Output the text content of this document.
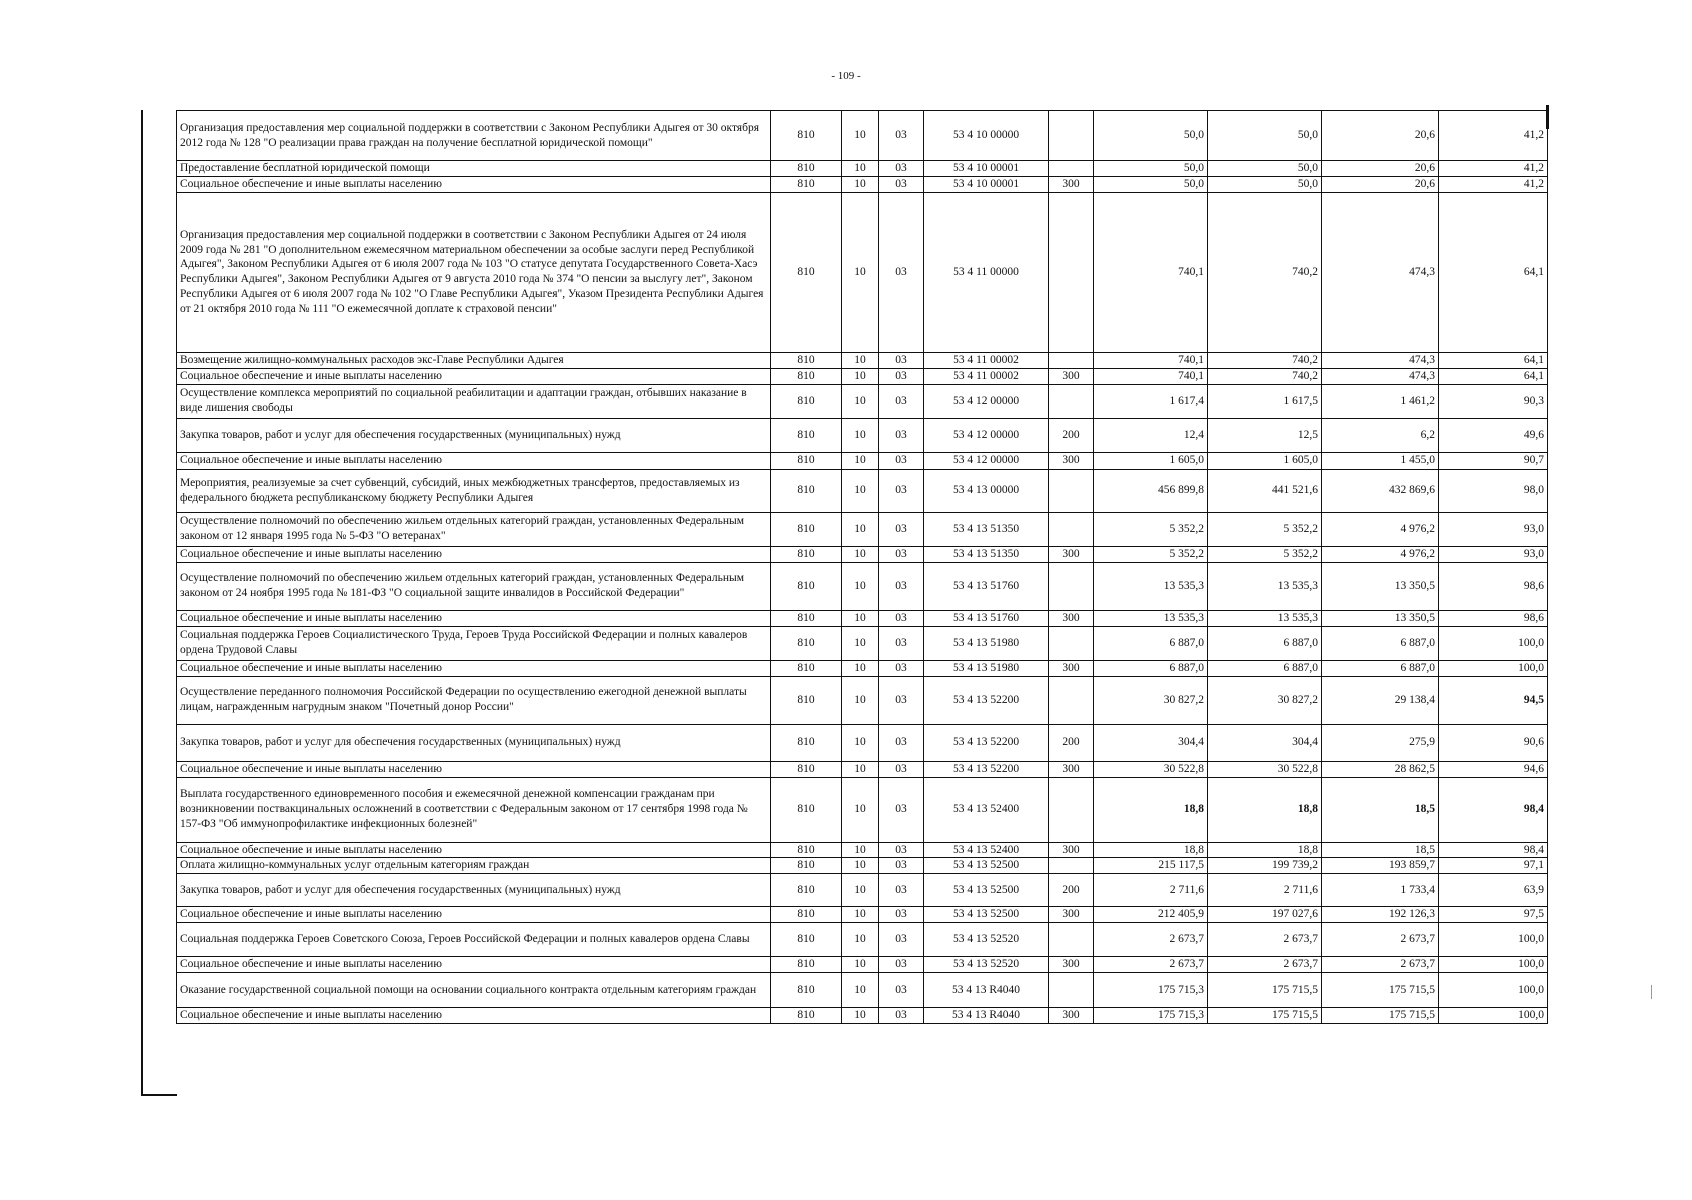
- 109 -
Организация предоставления мер социальной поддержки в соответствии с Законом Республики Адыгея от 30 октября 2012 года № 128 "О реализации права граждан на получение бесплатной юридической помощи"	810	10	03	53 4 10 00000		50,0	50,0	20,6	41,2
Предоставление бесплатной юридической помощи	810	10	03	53 4 10 00001		50,0	50,0	20,6	41,2
Социальное обеспечение и иные выплаты населению	810	10	03	53 4 10 00001	300	50,0	50,0	20,6	41,2
Организация предоставления мер социальной поддержки в соответствии с Законом Республики Адыгея от 24 июля 2009 года № 281 "О дополнительном ежемесячном материальном обеспечении за особые заслуги перед Республикой Адыгея", Законом Республики Адыгея от 6 июля 2007 года № 103 "О статусе депутата Государственного Совета-Хасэ Республики Адыгея", Законом Республики Адыгея от 9 августа 2010 года № 374 "О пенсии за выслугу лет", Законом Республики Адыгея от 6 июля 2007 года № 102 "О Главе Республики Адыгея", Указом Президента Республики Адыгея от 21 октября 2010 года № 111 "О ежемесячной доплате к страховой пенсии"	810	10	03	53 4 11 00000		740,1	740,2	474,3	64,1
Возмещение жилищно-коммунальных расходов экс-Главе Республики Адыгея	810	10	03	53 4 11 00002		740,1	740,2	474,3	64,1
Социальное обеспечение и иные выплаты населению	810	10	03	53 4 11 00002	300	740,1	740,2	474,3	64,1
Осуществление комплекса мероприятий по социальной реабилитации и адаптации граждан, отбывших наказание в виде лишения свободы	810	10	03	53 4 12 00000		1 617,4	1 617,5	1 461,2	90,3
Закупка товаров, работ и услуг для обеспечения государственных (муниципальных) нужд	810	10	03	53 4 12 00000	200	12,4	12,5	6,2	49,6
Социальное обеспечение и иные выплаты населению	810	10	03	53 4 12 00000	300	1 605,0	1 605,0	1 455,0	90,7
Мероприятия, реализуемые за счет субвенций, субсидий, иных межбюджетных трансфертов, предоставляемых из федерального бюджета республиканскому бюджету Республики Адыгея	810	10	03	53 4 13 00000		456 899,8	441 521,6	432 869,6	98,0
Осуществление полномочий по обеспечению жильем отдельных категорий граждан, установленных Федеральным законом от 12 января 1995 года № 5-ФЗ "О ветеранах"	810	10	03	53 4 13 51350		5 352,2	5 352,2	4 976,2	93,0
Социальное обеспечение и иные выплаты населению	810	10	03	53 4 13 51350	300	5 352,2	5 352,2	4 976,2	93,0
Осуществление полномочий по обеспечению жильем отдельных категорий граждан, установленных Федеральным законом от 24 ноября 1995 года № 181-ФЗ "О социальной защите инвалидов в Российской Федерации"	810	10	03	53 4 13 51760		13 535,3	13 535,3	13 350,5	98,6
Социальное обеспечение и иные выплаты населению	810	10	03	53 4 13 51760	300	13 535,3	13 535,3	13 350,5	98,6
Социальная поддержка Героев Социалистического Труда, Героев Труда Российской Федерации и полных кавалеров ордена Трудовой Славы	810	10	03	53 4 13 51980		6 887,0	6 887,0	6 887,0	100,0
Социальное обеспечение и иные выплаты населению	810	10	03	53 4 13 51980	300	6 887,0	6 887,0	6 887,0	100,0
Осуществление переданного полномочия Российской Федерации по осуществлению ежегодной денежной выплаты лицам, награжденным нагрудным знаком "Почетный донор России"	810	10	03	53 4 13 52200		30 827,2	30 827,2	29 138,4	94,5
Закупка товаров, работ и услуг для обеспечения государственных (муниципальных) нужд	810	10	03	53 4 13 52200	200	304,4	304,4	275,9	90,6
Социальное обеспечение и иные выплаты населению	810	10	03	53 4 13 52200	300	30 522,8	30 522,8	28 862,5	94,6
Выплата государственного единовременного пособия и ежемесячной денежной компенсации гражданам при возникновении поствакцинальных осложнений в соответствии с Федеральным законом от 17 сентября 1998 года № 157-ФЗ "Об иммунопрофилактике инфекционных болезней"	810	10	03	53 4 13 52400		18,8	18,8	18,5	98,4
Социальное обеспечение и иные выплаты населению	810	10	03	53 4 13 52400	300	18,8	18,8	18,5	98,4
Оплата жилищно-коммунальных услуг отдельным категориям граждан	810	10	03	53 4 13 52500		215 117,5	199 739,2	193 859,7	97,1
Закупка товаров, работ и услуг для обеспечения государственных (муниципальных) нужд	810	10	03	53 4 13 52500	200	2 711,6	2 711,6	1 733,4	63,9
Социальное обеспечение и иные выплаты населению	810	10	03	53 4 13 52500	300	212 405,9	197 027,6	192 126,3	97,5
Социальная поддержка Героев Советского Союза, Героев Российской Федерации и полных кавалеров ордена Славы	810	10	03	53 4 13 52520		2 673,7	2 673,7	2 673,7	100,0
Социальное обеспечение и иные выплаты населению	810	10	03	53 4 13 52520	300	2 673,7	2 673,7	2 673,7	100,0
Оказание государственной социальной помощи на основании социального контракта отдельным категориям граждан	810	10	03	53 4 13 R4040		175 715,3	175 715,5	175 715,5	100,0
Социальное обеспечение и иные выплаты населению	810	10	03	53 4 13 R4040	300	175 715,3	175 715,5	175 715,5	100,0
